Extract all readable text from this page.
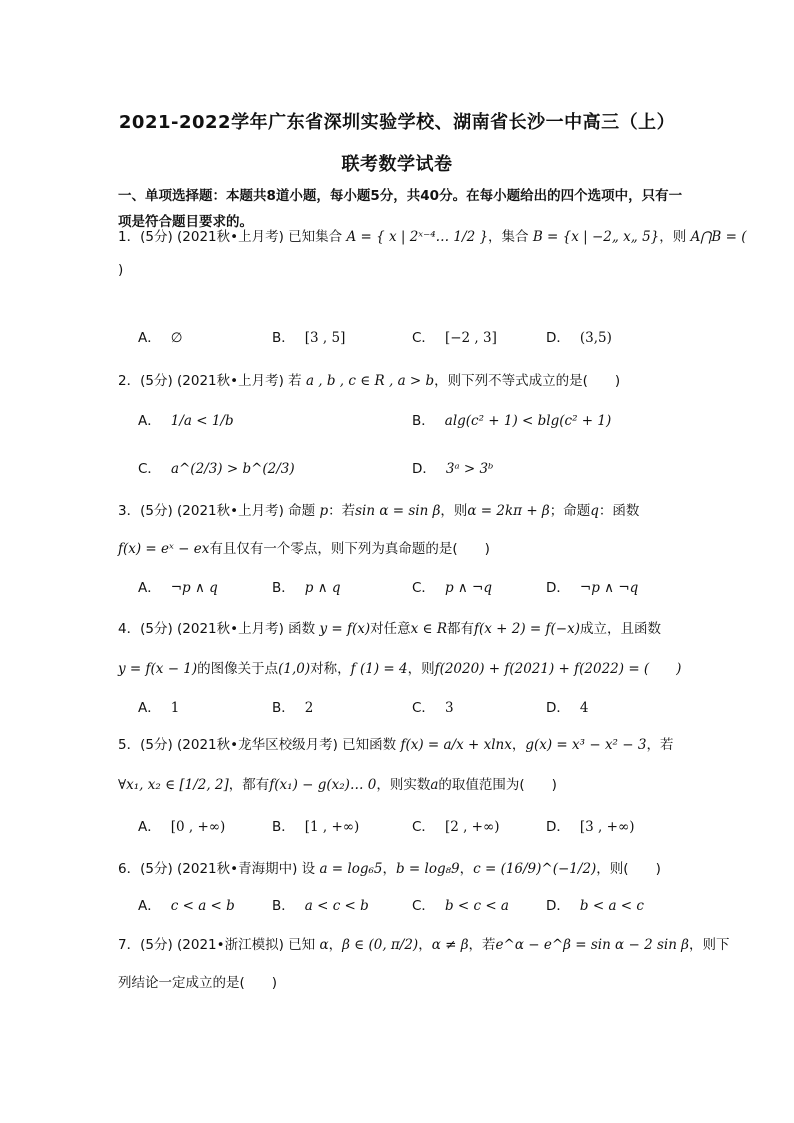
2021-2022学年广东省深圳实验学校、湖南省长沙一中高三（上）
联考数学试卷
一、单项选择题：本题共8道小题，每小题5分，共40分。在每小题给出的四个选项中，只有一项是符合题目要求的。
1．(5分) (2021秋•上月考) 已知集合 A = { x | 2ˣ⁻⁴… 1/2 }，集合 B = {x | −2„ x„ 5}，则 A⋂B = (
)
A． ∅	B． [3 , 5]	C． [−2 , 3]	D． (3,5)
2．(5分) (2021秋•上月考) 若 a , b , c ∈ R , a > b，则下列不等式成立的是(　　)
A． 1/a < 1/b	B． alg(c² + 1) < blg(c² + 1)
C． a^(2/3) > b^(2/3)	D． 3ᵃ > 3ᵇ
3．(5分) (2021秋•上月考) 命题 p：若sin α = sin β，则α = 2kπ + β；命题q：函数
f(x) = eˣ − ex有且仅有一个零点，则下列为真命题的是(　　)
A． ¬p ∧ q	B． p ∧ q	C． p ∧ ¬q	D． ¬p ∧ ¬q
4．(5分) (2021秋•上月考) 函数 y = f(x)对任意x ∈ R都有f(x + 2) = f(−x)成立，且函数
y = f(x − 1)的图像关于点(1,0)对称，f (1) = 4，则f(2020) + f(2021) + f(2022) = (　　)
A． 1	B． 2	C． 3	D． 4
5．(5分) (2021秋•龙华区校级月考) 已知函数 f(x) = a/x + xlnx，g(x) = x³ − x² − 3，若
∀x₁, x₂ ∈ [1/2, 2]，都有f(x₁) − g(x₂)… 0，则实数a的取值范围为(　　)
A． [0 , +∞)	B． [1 , +∞)	C． [2 , +∞)	D． [3 , +∞)
6．(5分) (2021秋•青海期中) 设 a = log₆5，b = log₈9，c = (16/9)^(−1/2)，则(　　)
A． c < a < b	B． a < c < b	C． b < c < a	D． b < a < c
7．(5分) (2021•浙江模拟) 已知 α，β ∈ (0, π/2)，α ≠ β，若e^α − e^β = sin α − 2 sin β，则下
列结论一定成立的是(　　)
